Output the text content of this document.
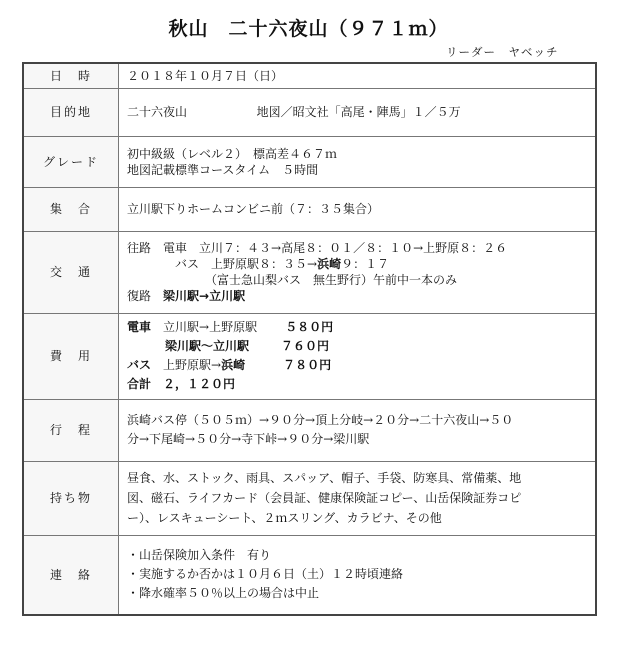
秋山　二十六夜山（９７１ｍ）
リーダー　ヤベッチ
日　時	２０１８年１０月７日（日）
目的地	二十六夜山 地図／昭文社「高尾・陣馬」１／５万
グレード	初中級級（レベル２）　標高差４６７ｍ
地図記載標準コースタイム　５時間

集　合	立川駅下りホームコンビニ前（７：３５集合）
交　通	往路 電車　立川７：４３→高尾８：０１／８：１０→上野原８：２６
バス　上野原駅８：３５→浜崎９：１７
（富士急山梨バス　無生野行）午前中一本のみ
復路 梁川駅→立川駅

費　用	電車 立川駅→上野原駅 ５８０円
梁川駅〜立川駅 ７６０円
バス 上野原駅→浜崎 ７８０円
合計 ２，１２０円

行　程	浜崎バス停（５０５ｍ）→９０分→頂上分岐→２０分→二十六夜山→５０
分→下尾崎→５０分→寺下峠→９０分→梁川駅

持ち物	昼食、水、ストック、雨具、スパッア、帽子、手袋、防寒具、常備薬、地
図、磁石、ライフカード（会員証、健康保険証コピー、山岳保険証券コピ
ー）、レスキューシート、２ｍスリング、カラビナ、その他

連　絡	・山岳保険加入条件　有り
・実施するか否かは１０月６日（土）１２時頃連絡
・降水確率５０％以上の場合は中止
